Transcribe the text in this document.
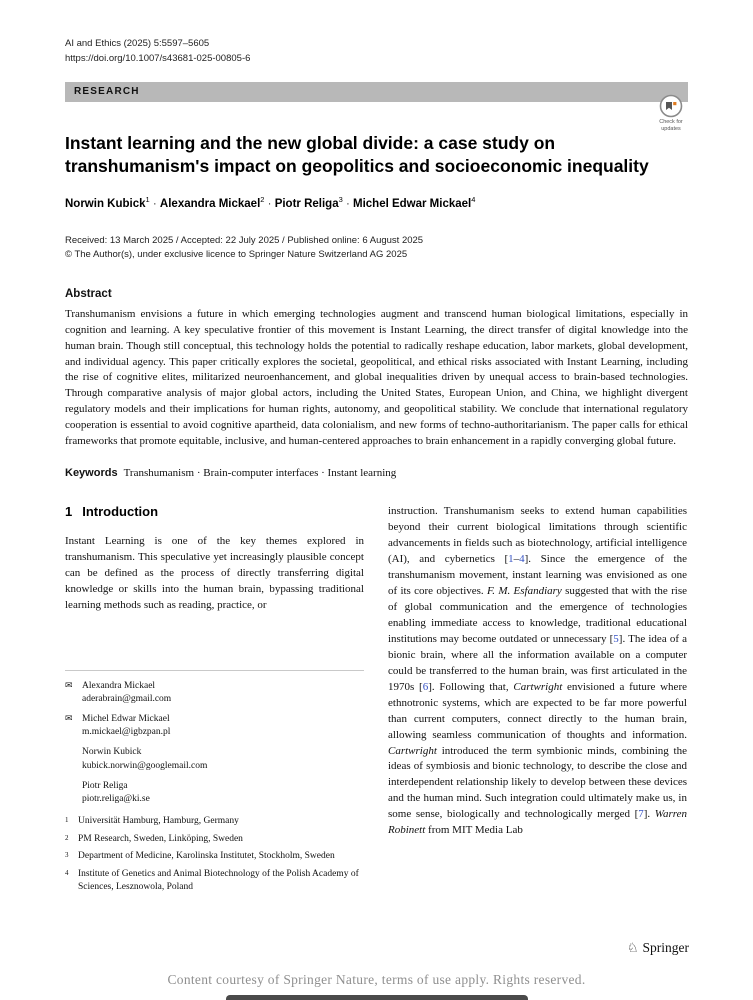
AI and Ethics (2025) 5:5597–5605
https://doi.org/10.1007/s43681-025-00805-6
RESEARCH
Instant learning and the new global divide: a case study on transhumanism's impact on geopolitics and socioeconomic inequality
Norwin Kubick$^1$ · Alexandra Mickael$^2$ · Piotr Religa$^3$ · Michel Edwar Mickael$^4$
Received: 13 March 2025 / Accepted: 22 July 2025 / Published online: 6 August 2025
© The Author(s), under exclusive licence to Springer Nature Switzerland AG 2025
Abstract

Transhumanism envisions a future in which emerging technologies augment and transcend human biological limitations, especially in cognition and learning. A key speculative frontier of this movement is Instant Learning, the direct transfer of digital knowledge into the human brain. Though still conceptual, this technology holds the potential to radically reshape education, labor markets, global development, and individual agency. This paper critically explores the societal, geopolitical, and ethical risks associated with Instant Learning, including the rise of cognitive elites, militarized neuroenhancement, and global inequalities driven by unequal access to brain-based technologies. Through comparative analysis of major global actors, including the United States, European Union, and China, we highlight divergent regulatory models and their implications for human rights, autonomy, and geopolitical stability. We conclude that international regulatory cooperation is essential to avoid cognitive apartheid, data colonialism, and new forms of techno-authoritarianism. The paper calls for ethical frameworks that promote equitable, inclusive, and human-centered approaches to brain enhancement in a rapidly converging global future.

Keywords Transhumanism · Brain-computer interfaces · Instant learning
1 Introduction

Instant Learning is one of the key themes explored in transhumanism. This speculative yet increasingly plausible concept can be defined as the process of directly transferring digital knowledge or skills into the human brain, bypassing traditional learning methods such as reading, practice, or

✉ Alexandra Mickael
aderabrain@gmail.com
✉ Michel Edwar Mickael
m.mickael@igbzpan.pl
Norwin Kubick
kubick.norwin@googlemail.com
Piotr Religa
piotr.religa@ki.se
1 Universität Hamburg, Hamburg, Germany
2 PM Research, Sweden, Linköping, Sweden
3 Department of Medicine, Karolinska Institutet, Stockholm, Sweden
4 Institute of Genetics and Animal Biotechnology of the Polish Academy of Sciences, Lesznowola, Poland

instruction. Transhumanism seeks to extend human capabilities beyond their current biological limitations through scientific advancements in fields such as biotechnology, artificial intelligence (AI), and cybernetics [1–4]. Since the emergence of the transhumanism movement, instant learning was envisioned as one of its core objectives. F. M. Esfandiary suggested that with the rise of global communication and the emergence of technologies enabling immediate access to knowledge, traditional educational institutions may become outdated or unnecessary [5]. The idea of a bionic brain, where all the information available on a computer could be transferred to the human brain, was first articulated in the 1970s [6]. Following that, Cartwright envisioned a future where ethnotronic systems, which are expected to be far more powerful than current computers, connect directly to the human brain, allowing seamless communication of thoughts and information. Cartwright introduced the term symbionic minds, combining the ideas of symbiosis and bionic technology, to describe the close and interdependent relationship likely to develop between these devices and the human mind. Such integration could ultimately make us, in some sense, biologically and technologically merged [7]. Warren Robinett from MIT Media Lab

Check for updates
♘ Springer
Content courtesy of Springer Nature, terms of use apply. Rights reserved.
